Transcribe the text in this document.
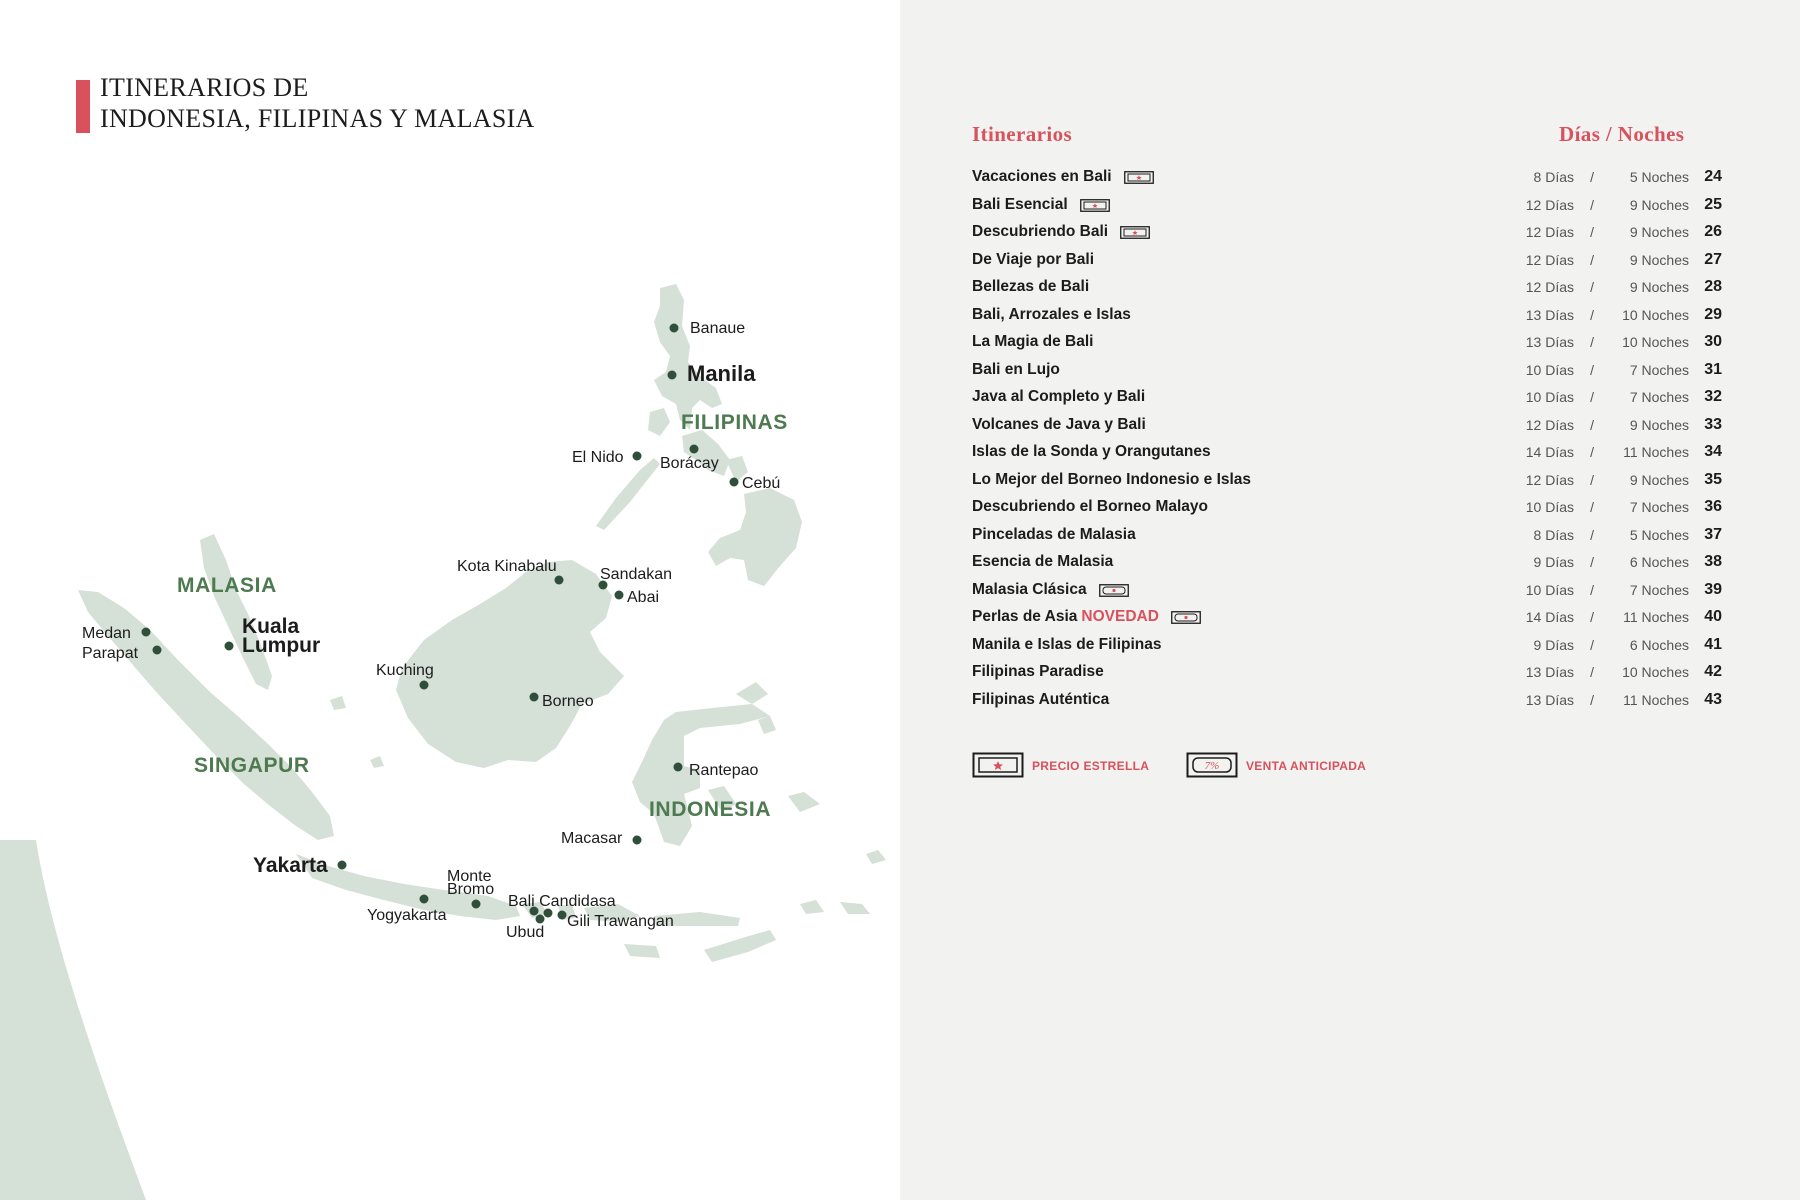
FILIPINAS
MALASIA
SINGAPUR
INDONESIA
Banaue
Manila
El Nido Borácay
Cebú
Kota Kinabalu	Sandakan
Abai
Medan
Parapat
Kuala
Lumpur
Kuching
Borneo
Rantepao
Macasar
Yakarta	Monte
Bromo
Bali Candidasa
Yogyakarta	Gili Trawangan
Ubud
ITINERARIOS DE
INDONESIA, FILIPINAS Y MALASIA
Itinerarios	Días / Noches
Vacaciones en Bali	8 Días /	5 Noches 24
Bali Esencial	12 Días /	9 Noches 25
Descubriendo Bali	12 Días /	9 Noches 26
De Viaje por Bali	12 Días /	9 Noches 27
Bellezas de Bali	12 Días /	9 Noches 28
Bali, Arrozales e Islas	13 Días / 10 Noches 29
La Magia de Bali	13 Días / 10 Noches 30
Bali en Lujo	10 Días /	7 Noches 31
Java al Completo y Bali	10 Días /	7 Noches 32
Volcanes de Java y Bali	12 Días /	9 Noches 33
Islas de la Sonda y Orangutanes	14 Días / 11 Noches 34
Lo Mejor del Borneo Indonesio e Islas	12 Días /	9 Noches 35
Descubriendo el Borneo Malayo	10 Días /	7 Noches 36
Pinceladas de Malasia	8 Días /	5 Noches 37
Esencia de Malasia	9 Días /	6 Noches 38
Malasia Clásica	10 Días /	7 Noches 39
Perlas de Asia NOVEDAD	14 Días / 11 Noches 40
Manila e Islas de Filipinas	9 Días /	6 Noches 41
Filipinas Paradise	13 Días / 10 Noches 42
Filipinas Auténtica	13 Días / 11 Noches 43
PRECIO ESTRELLA	7% VENTA ANTICIPADA
